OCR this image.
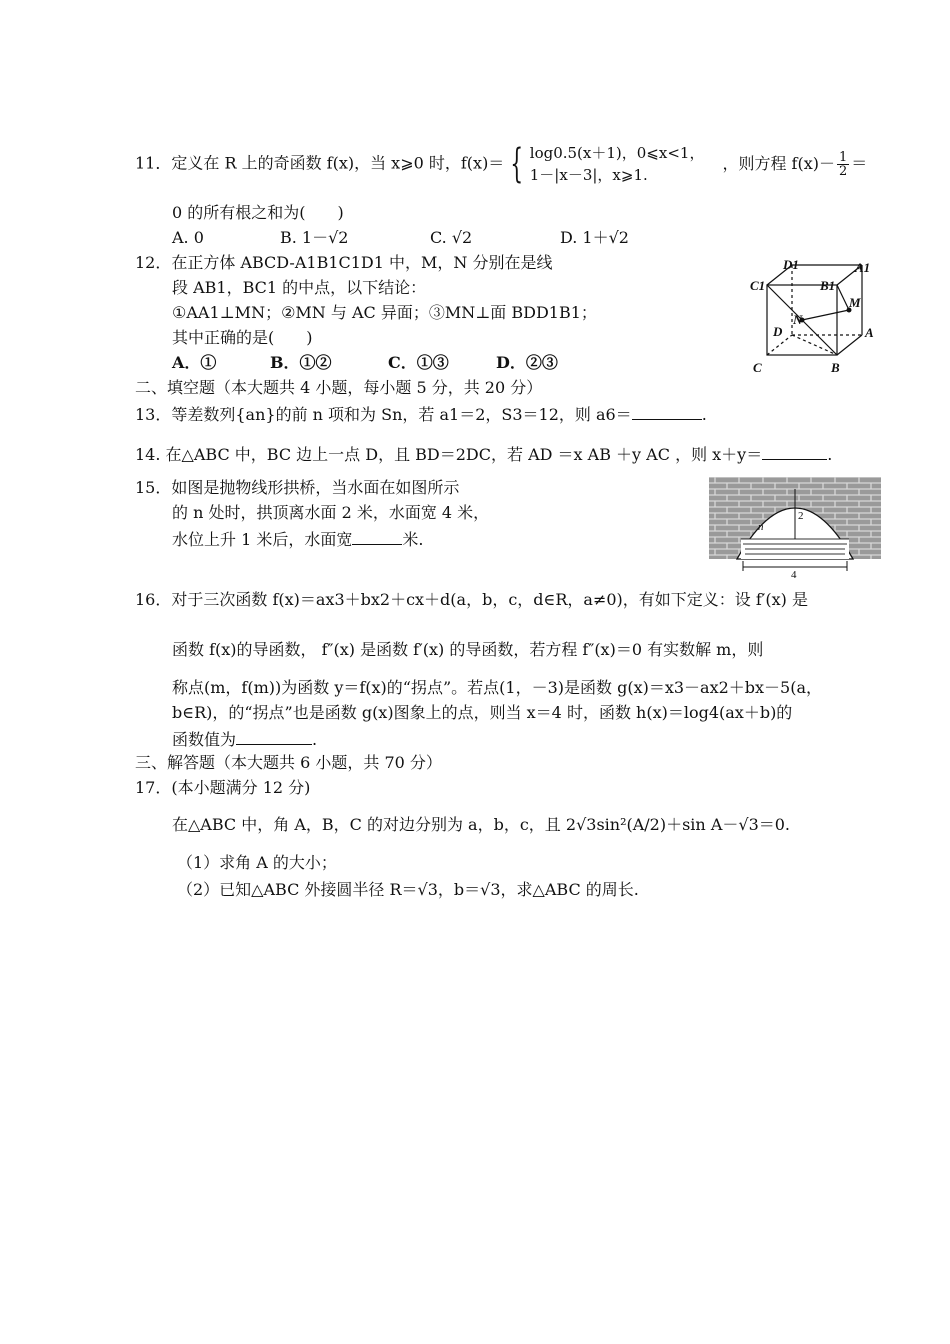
11．定义在 R 上的奇函数 f(x)，当 x⩾0 时，f(x)＝ { log0.5(x＋1)，0⩽x<1，
1－|x－3|，x⩾1.
，则方程 $f(x)- \frac{1}{2}$ ＝
0 的所有根之和为(　　)
A. 0	B. 1－√2	C. √2	D. 1＋√2
12．在正方体 ABCD-A1B1C1D1 中，M，N 分别在是线
段 AB1，BC1 的中点，以下结论：
①AA1⊥MN；②MN 与 AC 异面；③MN⊥面 BDD1B1；
其中正确的是(　　)
A．①	B．①②	C．①③	D．②③
D1	A1
C1	B1
M
N
D	A
C	B
二、填空题（本大题共 4 小题，每小题 5 分，共 20 分）
13．等差数列{an}的前 n 项和为 Sn，若 a1＝2，S3＝12，则 a6＝	.
14. 在△ABC 中，BC 边上一点 D，且 BD＝2DC，若 AD ＝x AB ＋y AC ，则 x＋y＝	.
15．如图是抛物线形拱桥，当水面在如图所示
的 n 处时，拱顶离水面 2 米，水面宽 4 米，
水位上升 1 米后，水面宽	米.
2
n
4
16．对于三次函数 f(x)＝ax3＋bx2＋cx＋d(a，b，c，d∈R，a≠0)，有如下定义：设 f′(x) 是
函数 f(x)的导函数， f″(x) 是函数 f′(x) 的导函数，若方程 f″(x)＝0 有实数解 m，则
称点(m，f(m))为函数 y＝f(x)的“拐点”。若点(1，－3)是函数 g(x)＝x3－ax2＋bx－5(a，
b∈R)，的“拐点”也是函数 g(x)图象上的点，则当 x＝4 时，函数 h(x)＝log4(ax＋b)的
函数值为	.
三、解答题（本大题共 6 小题，共 70 分）
17．(本小题满分 12 分)
在△ABC 中，角 A，B，C 的对边分别为 a，b，c，且 2√3sin²(A/2)＋sin A－√3＝0.
（1）求角 A 的大小；
（2）已知△ABC 外接圆半径 R＝√3，b＝√3，求△ABC 的周长.
